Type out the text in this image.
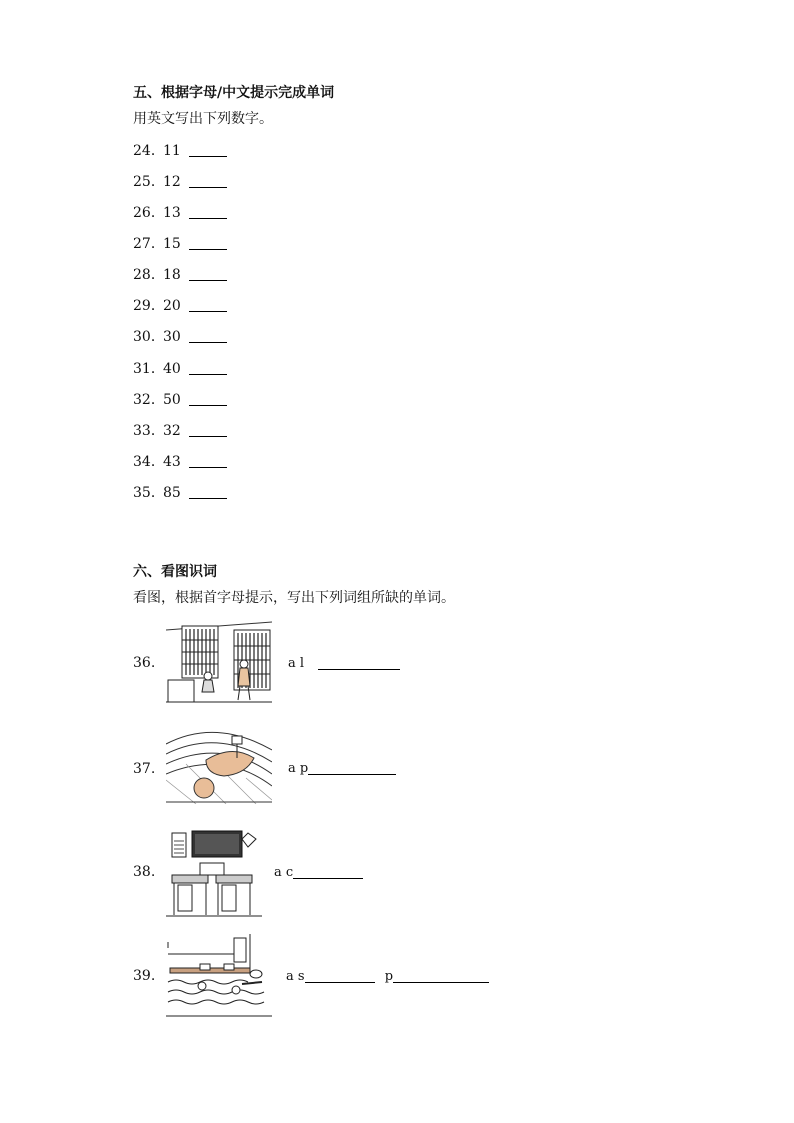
五、根据字母/中文提示完成单词
用英文写出下列数字。
24．11
25．12
26．13
27．15
28．18
29．20
30．30
31．40
32．50
33．32
34．43
35．85
六、看图识词
看图，根据首字母提示，写出下列词组所缺的单词。
36.	a l
37.	a p
38.	a c
39.	a s	p
